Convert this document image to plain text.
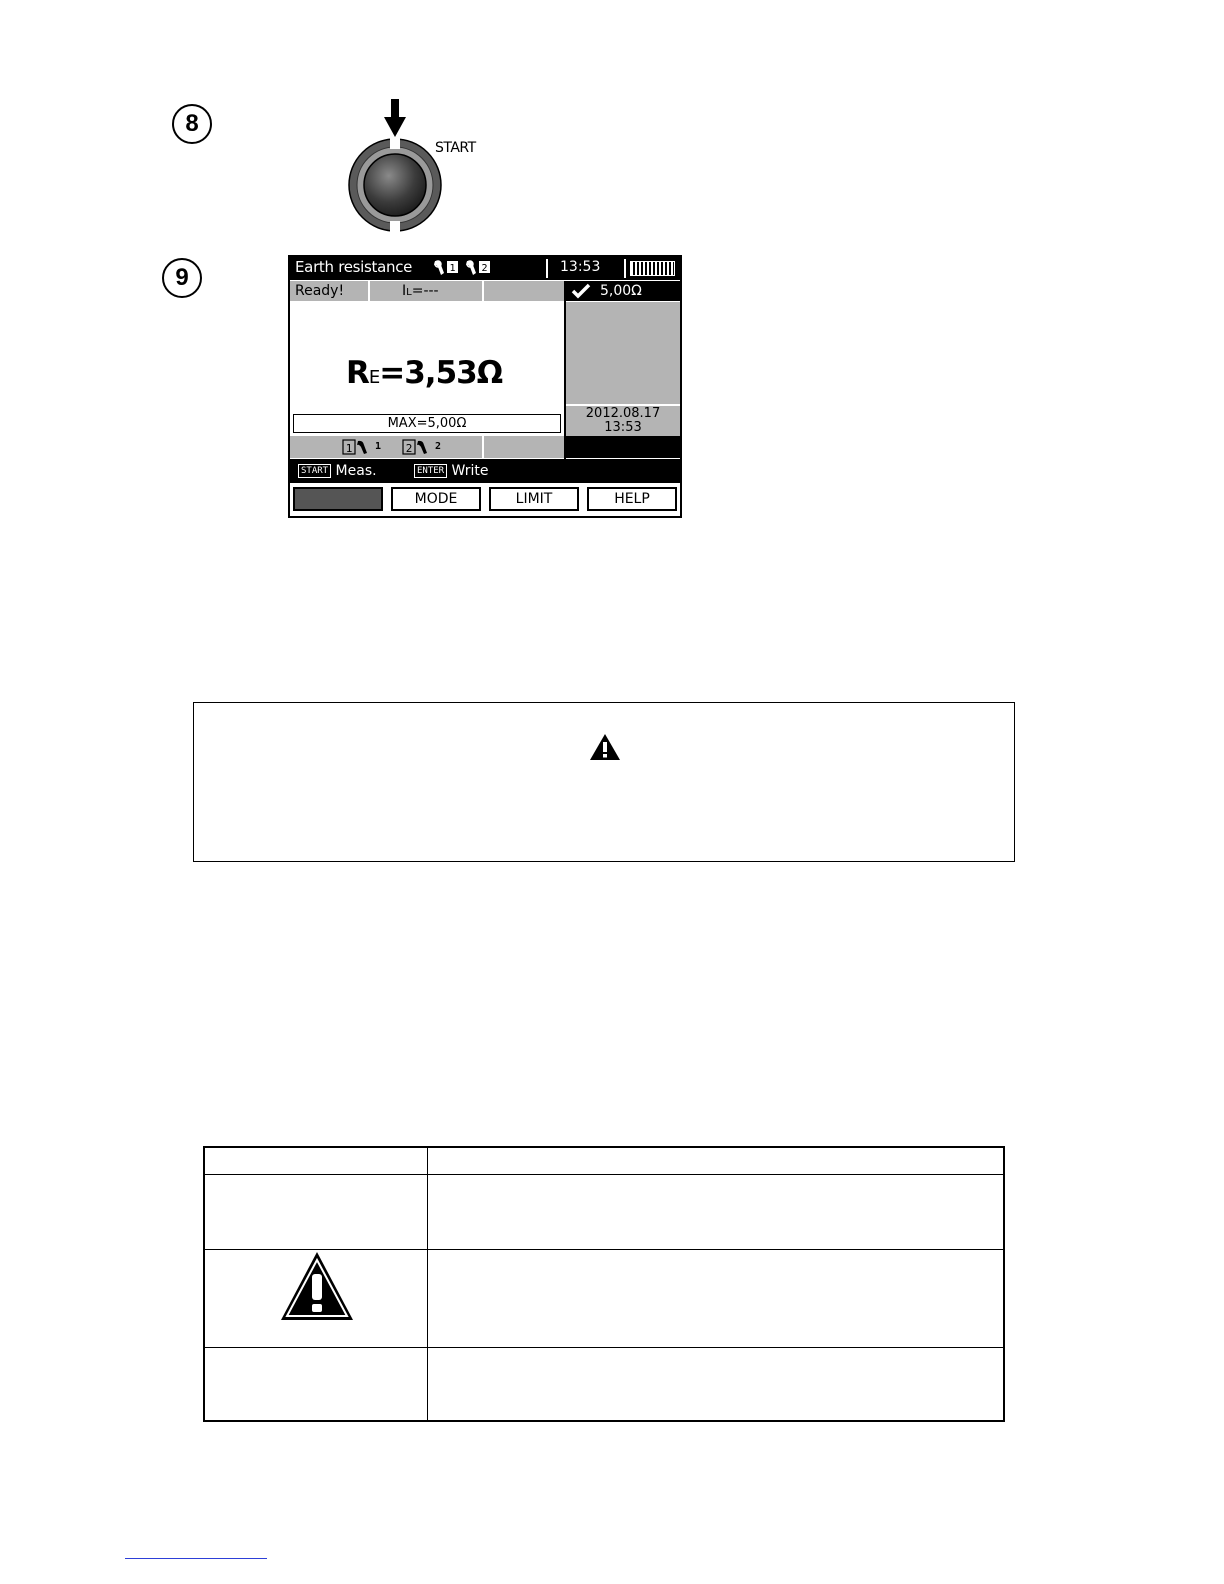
8
START
9	Earth resistance	1	2	13:53
Ready!	IL=---	5,00Ω
2012.08.17
13:53
RE=3,53Ω
MAX=5,00Ω
1 1 2 2
START Meas.	ENTER Write
MODE	LIMIT	HELP
